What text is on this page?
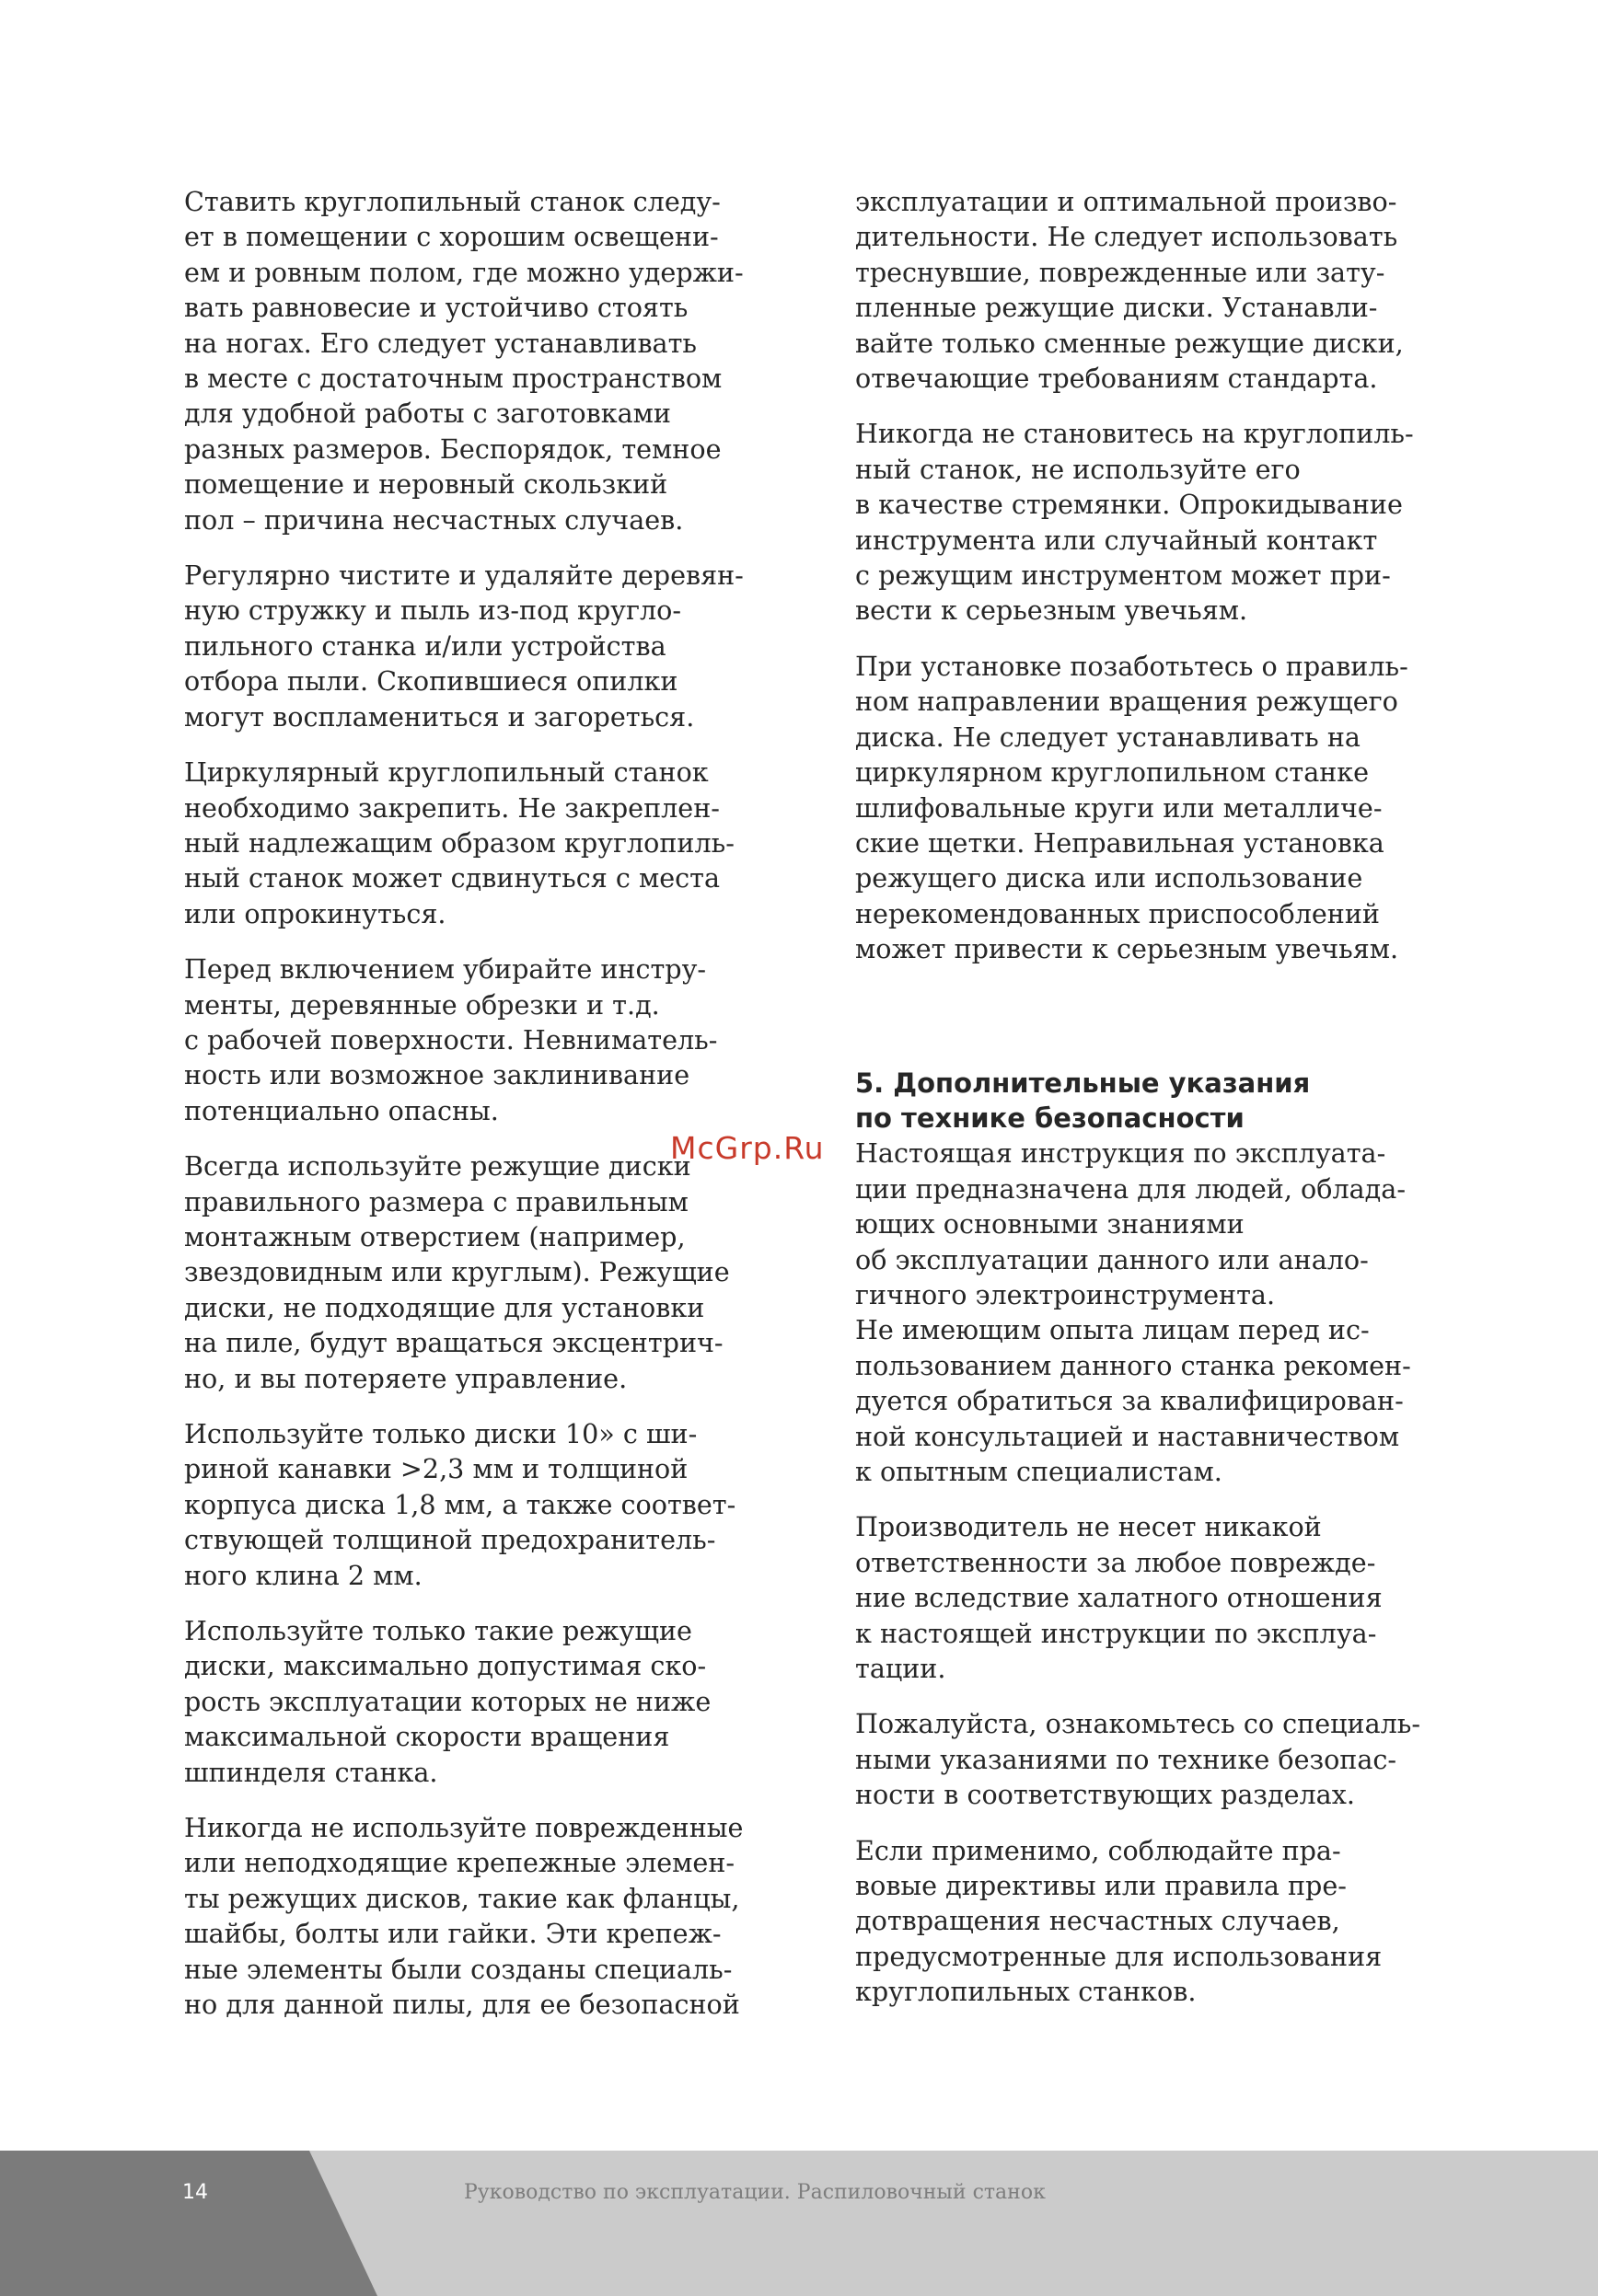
Ставить круглопильный станок следу-
ет в помещении с хорошим освещени-
ем и ровным полом, где можно удержи-
вать равновесие и устойчиво стоять
на ногах. Его следует устанавливать
в месте с достаточным пространством
для удобной работы с заготовками
разных размеров. Беспорядок, темное
помещение и неровный скользкий
пол – причина несчастных случаев.

Регулярно чистите и удаляйте деревян-
ную стружку и пыль из-под кругло-
пильного станка и/или устройства
отбора пыли. Скопившиеся опилки
могут воспламениться и загореться.

Циркулярный круглопильный станок
необходимо закрепить. Не закреплен-
ный надлежащим образом круглопиль-
ный станок может сдвинуться с места
или опрокинуться.

Перед включением убирайте инстру-
менты, деревянные обрезки и т.д.
с рабочей поверхности. Невниматель-
ность или возможное заклинивание
потенциально опасны.

Всегда используйте режущие диски
правильного размера с правильным
монтажным отверстием (например,
звездовидным или круглым). Режущие
диски, не подходящие для установки
на пиле, будут вращаться эксцентрич-
но, и вы потеряете управление.

Используйте только диски 10» с ши-
риной канавки >2,3 мм и толщиной
корпуса диска 1,8 мм, а также соответ-
ствующей толщиной предохранитель-
ного клина 2 мм.

Используйте только такие режущие
диски, максимально допустимая ско-
рость эксплуатации которых не ниже
максимальной скорости вращения
шпинделя станка.

Никогда не используйте поврежденные
или неподходящие крепежные элемен-
ты режущих дисков, такие как фланцы,
шайбы, болты или гайки. Эти крепеж-
ные элементы были созданы специаль-
но для данной пилы, для ее безопасной

эксплуатации и оптимальной произво-
дительности. Не следует использовать
треснувшие, поврежденные или зату-
пленные режущие диски. Устанавли-
вайте только сменные режущие диски,
отвечающие требованиям стандарта.

Никогда не становитесь на круглопиль-
ный станок, не используйте его
в качестве стремянки. Опрокидывание
инструмента или случайный контакт
с режущим инструментом может при-
вести к серьезным увечьям.

При установке позаботьтесь о правиль-
ном направлении вращения режущего
диска. Не следует устанавливать на
циркулярном круглопильном станке
шлифовальные круги или металличе-
ские щетки. Неправильная установка
режущего диска или использование
нерекомендованных приспособлений
может привести к серьезным увечьям.

5. Дополнительные указания
по технике безопасности

Настоящая инструкция по эксплуата-
ции предназначена для людей, облада-
ющих основными знаниями
об эксплуатации данного или анало-
гичного электроинструмента.
Не имеющим опыта лицам перед ис-
пользованием данного станка рекомен-
дуется обратиться за квалифицирован-
ной консультацией и наставничеством
к опытным специалистам.

Производитель не несет никакой
ответственности за любое поврежде-
ние вследствие халатного отношения
к настоящей инструкции по эксплуа-
тации.

Пожалуйста, ознакомьтесь со специаль-
ными указаниями по технике безопас-
ности в соответствующих разделах.

Если применимо, соблюдайте пра-
вовые директивы или правила пре-
дотвращения несчастных случаев,
предусмотренные для использования
круглопильных станков.

McGrp.Ru
14	Руководство по эксплуатации. Распиловочный станок
